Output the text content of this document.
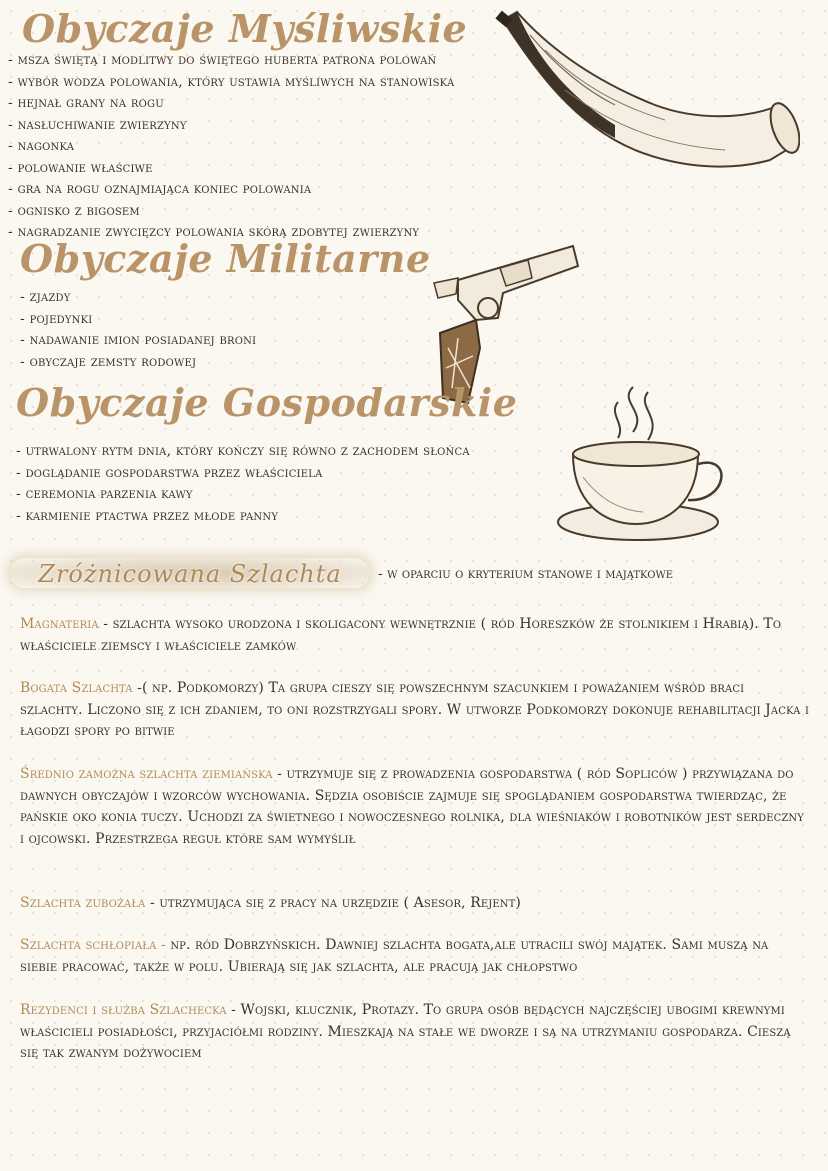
Obyczaje Myśliwskie
- msza świętą i modlitwy do świętego huberta patrona polowań
- wybór wodza polowania, który ustawia myśliwych na stanowiska
- hejnał grany na rogu
- nasłuchiwanie zwierzyny
- nagonka
- polowanie właściwe
- gra na rogu oznajmiająca koniec polowania
- ognisko z bigosem
- nagradzanie zwycięzcy polowania skórą zdobytej zwierzyny
Obyczaje Militarne
- zjazdy
- pojedynki
- nadawanie imion posiadanej broni
- obyczaje zemsty rodowej
Obyczaje Gospodarskie
- utrwalony rytm dnia, który kończy się równo z zachodem słońca
- doglądanie gospodarstwa przez właściciela
- ceremonia parzenia kawy
- karmienie ptactwa przez młode panny
Zróżnicowana Szlachta	- w oparciu o kryterium stanowe i majątkowe

Magnateria - szlachta wysoko urodzona i skoligacony wewnętrznie ( ród Horeszków że stolnikiem i Hrabią). To właściciele ziemscy i właściciele zamków

Bogata Szlachta -( np. Podkomorzy) Ta grupa cieszy się powszechnym szacunkiem i poważaniem wśród braci szlachty. Liczono się z ich zdaniem, to oni rozstrzygali spory. W utworze Podkomorzy dokonuje rehabilitacji Jacka i łagodzi spory po bitwie

Średnio zamożna szlachta ziemiańska - utrzymuje się z prowadzenia gospodarstwa ( ród Sopliców ) przywiązana do dawnych obyczajów i wzorców wychowania. Sędzia osobiście zajmuje się spoglądaniem gospodarstwa twierdząc, że pańskie oko konia tuczy. Uchodzi za świetnego i nowoczesnego rolnika, dla wieśniaków i robotników jest serdeczny i ojcowski. Przestrzega reguł które sam wymyślił

Szlachta zubożała - utrzymująca się z pracy na urzędzie ( Asesor, Rejent)

Szlachta schłopiała - np. ród Dobrzyńskich. Dawniej szlachta bogata,ale utracili swój majątek. Sami muszą na siebie pracować, także w polu. Ubierają się jak szlachta, ale pracują jak chłopstwo

Rezydenci i służba Szlachecka - Wojski, klucznik, Protazy. To grupa osób będących najczęściej ubogimi krewnymi właścicieli posiadłości, przyjaciółmi rodziny. Mieszkają na stałe we dworze i są na utrzymaniu gospodarza. Cieszą się tak zwanym dożywociem
